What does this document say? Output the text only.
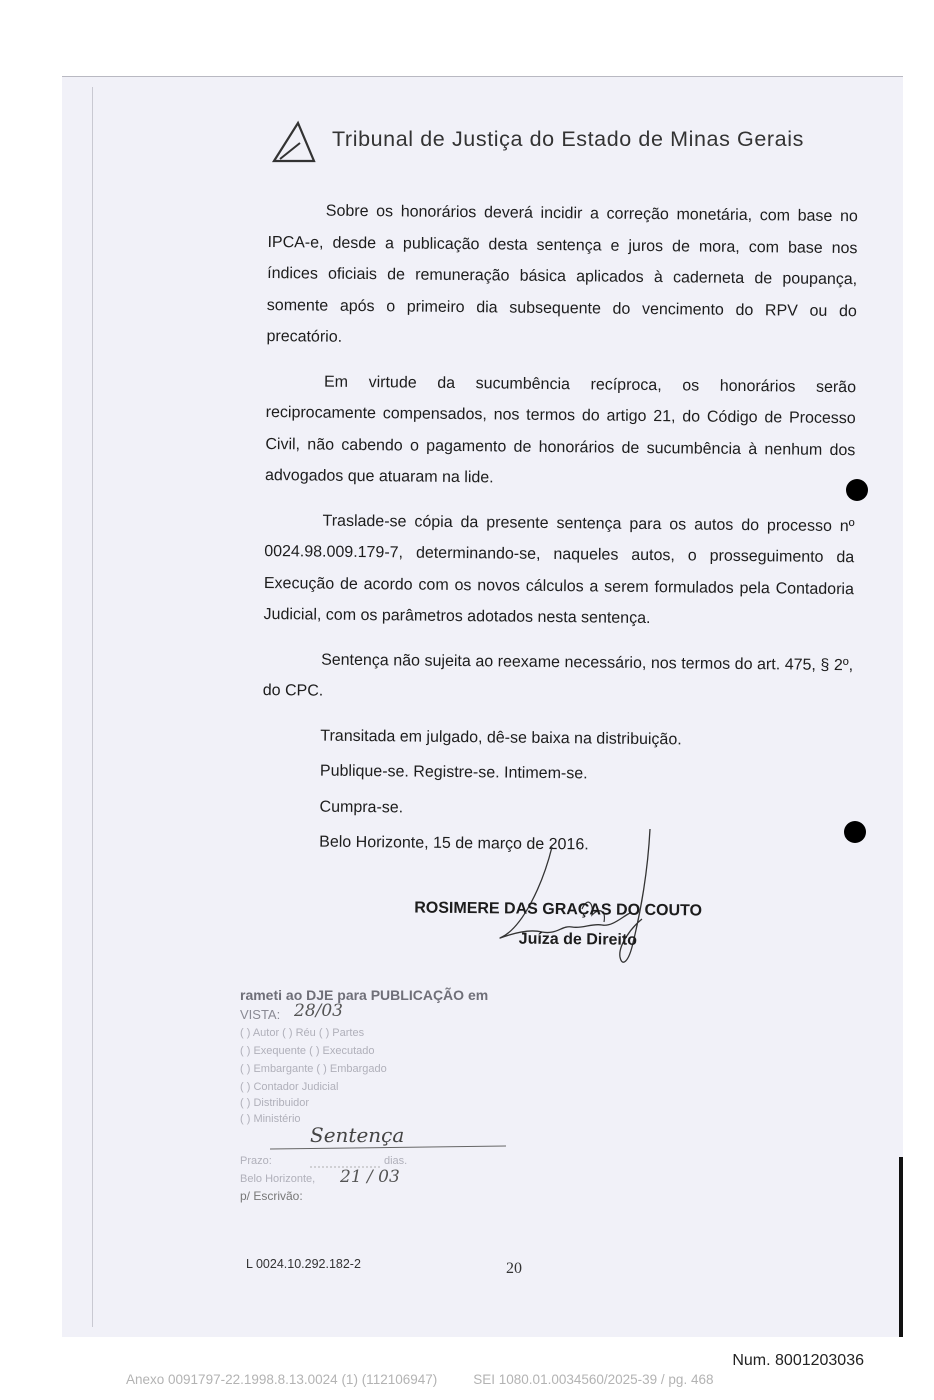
Tribunal de Justiça do Estado de Minas Gerais

Sobre os honorários deverá incidir a correção monetária, com base no IPCA-e, desde a publicação desta sentença e juros de mora, com base nos índices oficiais de remuneração básica aplicados à caderneta de poupança, somente após o primeiro dia subsequente do vencimento do RPV ou do precatório.

Em virtude da sucumbência recíproca, os honorários serão reciprocamente compensados, nos termos do artigo 21, do Código de Processo Civil, não cabendo o pagamento de honorários de sucumbência à nenhum dos advogados que atuaram na lide.

Traslade-se cópia da presente sentença para os autos do processo nº 0024.98.009.179-7, determinando-se, naqueles autos, o prosseguimento da Execução de acordo com os novos cálculos a serem formulados pela Contadoria Judicial, com os parâmetros adotados nesta sentença.

Sentença não sujeita ao reexame necessário, nos termos do art. 475, § 2º, do CPC.

Transitada em julgado, dê-se baixa na distribuição.

Publique-se. Registre-se. Intimem-se.

Cumpra-se.

Belo Horizonte, 15 de março de 2016.

ROSIMERE DAS GRAÇAS DO COUTO
Juíza de Direito
rameti ao DJE para PUBLICAÇÃO em
VISTA: 28/03
( ) Autor ( ) Réu ( ) Partes
( ) Exequente ( ) Executado
( ) Embargante ( ) Embargado
( ) Contador Judicial
( ) Distribuidor
( ) Ministério
Sentença
Prazo:	dias.
Belo Horizonte, 21 / 03
p/ Escrivão:
L 0024.10.292.182-2	20
Num. 8001203036
Anexo 0091797-22.1998.8.13.0024 (1) (112106947)	SEI 1080.01.0034560/2025-39 / pg. 468
